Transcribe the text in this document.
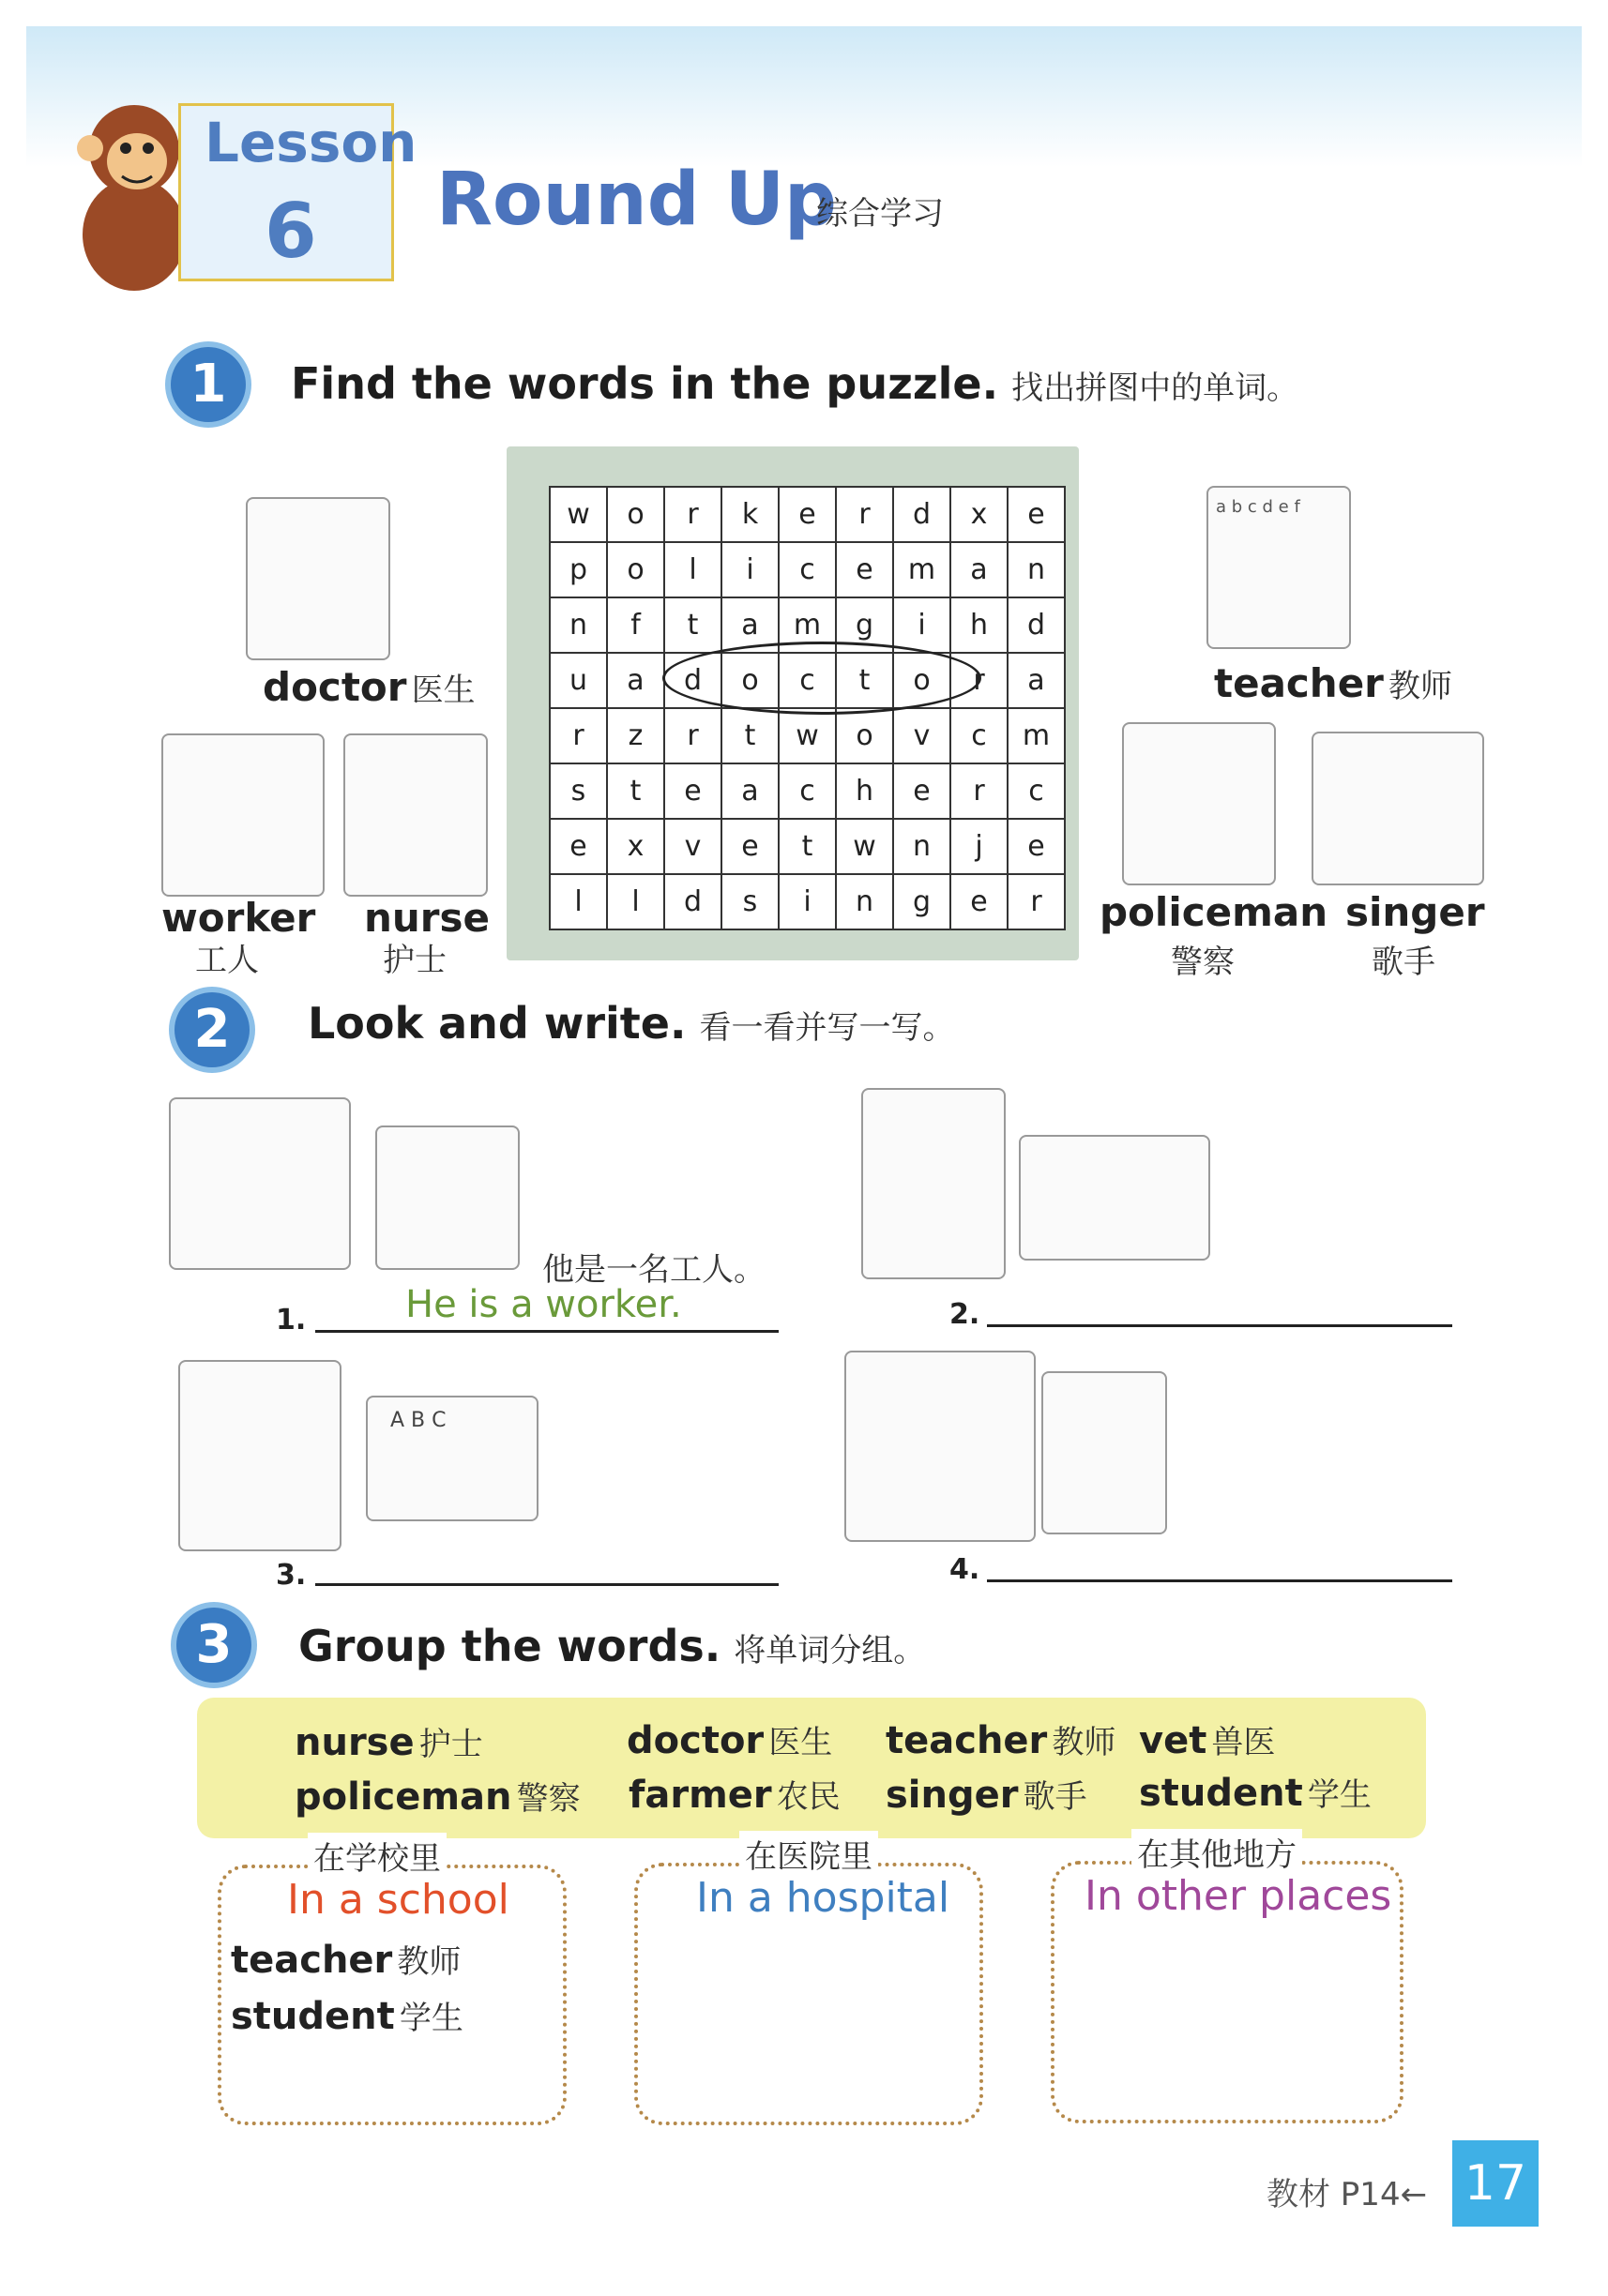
Lesson
6 Round Up
综合学习
1	Find the words in the puzzle. 找出拼图中的单词。
w	o	r	k	e	r	d	x	e
p	o	l	i	c	e	m	a	n
n	f	t	a	m	g	i	h	d
u	a	d	o	c	t	o	r	a
r	z	r	t	w	o	v	c	m
s	t	e	a	c	h	e	r	c
e	x	v	e	t	w	n	j	e
l	l	d	s	i	n	g	e	r
doctor 医生
worker
工人
nurse
护士
a b c d e f
teacher 教师
policeman
警察
singer
歌手
2	Look and write. 看一看并写一写。
他是一名工人。
1.	He is a worker.	2.
A B C
3.	4.
3	Group the words. 将单词分组。
nurse 护士	doctor 医生 teacher 教师 vet 兽医
policeman 警察 farmer 农民 singer 歌手 student 学生
在学校里
In a school
teacher 教师
student 学生
在医院里
In a hospital
在其他地方
In other places
教材 P14← 17
